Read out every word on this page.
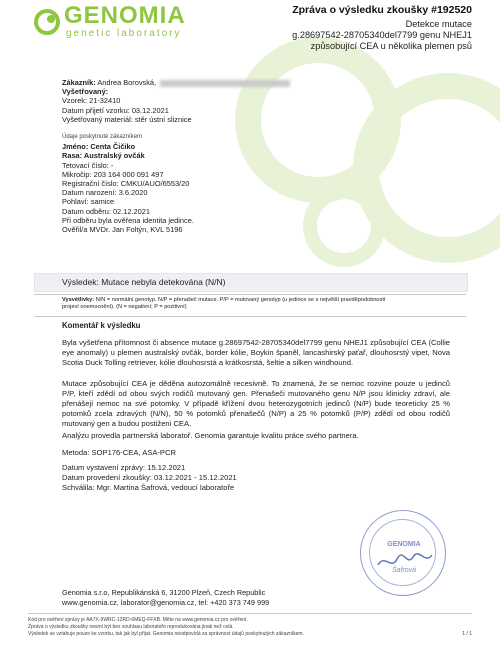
GENOMIA
genetic laboratory
Zpráva o výsledku zkoušky #192520
Detekce mutace
g.28697542-28705340del7799 genu NHEJ1
způsobující CEA u několika plemen psů
Zákazník: Andrea Borovská,
Vyšetřovaný:
Vzorek: 21-32410
Datum přijetí vzorku: 03.12.2021
Vyšetřovaný materiál: stěr ústní sliznice
Údaje poskytnuté zákazníkem
Jméno: Centa Čičiko
Rasa: Australský ovčák
Tetovací číslo: -
Mikročip: 203 164 000 091 497
Registrační číslo: CMKU/AUO/6553/20
Datum narození: 3.6.2020
Pohlaví: samice
Datum odběru: 02.12.2021
Při odběru byla ověřena identita jedince.
Ověřil/a MVDr. Jan Foltýn, KVL 5196
Výsledek: Mutace nebyla detekována (N/N)
Vysvětlivky: N/N = normální genotyp. N/P = přenašeč mutace. P/P = mutovaný genotyp (u jedince se s největší pravděpodobností
projeví onemocnění). (N = negativní; P = pozitivní)
Komentář k výsledku
Byla vyšetřena přítomnost či absence mutace g.28697542-28705340del7799 genu NHEJ1 způsobující CEA (Collie eye anomaly) u plemen australský ovčák, border kólie, Boykin španěl, lancashirský paťař, dlouhosrstý vipet, Nova Scotia Duck Tolling retriever, kólie dlouhosrstá a krátkosrstá, šeltie a silken windhound.
Mutace způsobující CEA je děděna autozomálně recesivně. To znamená, že se nemoc rozvine pouze u jedinců P/P, kteří zdědí od obou svých rodičů mutovaný gen. Přenašeči mutovaného genu N/P jsou klinicky zdraví, ale přenášejí nemoc na své potomky. V případě křížení dvou heterozygotních jedinců (N/P) bude teoreticky 25 % potomků zcela zdravých (N/N), 50 % potomků přenašečů (N/P) a 25 % potomků (P/P) zdědí od obou rodičů mutovaný gen a budou postiženi CEA.
Analýzu provedla partnerská laboratoř. Genomia garantuje kvalitu práce svého partnera.
Metoda: SOP176-CEA, ASA-PCR
Datum vystavení zprávy: 15.12.2021
Datum provedení zkoušky: 03.12.2021 - 15.12.2021
Schválila: Mgr. Martina Šafrová, vedoucí laboratoře
GENOMIA
Šafrová
Genomia s.r.o, Republikánská 6, 31200 Plzeň, Czech Republic
www.genomia.cz, laborator@genomia.cz, tel: +420 373 749 999
Kód pro ověření zprávy je AA7X-9WRC-12RD-6MEQ-FFXB. Měte na www.genomia.cz pro ověření.
Zpráva o výsledku zkoušky nesmí být bez souhlasu laboratoře reprodukována jinak než celá.
Výsledek se vztahuje pouze ke vzorku, tak jak byl přijat. Genomia neodpovídá za správnost údajů poskytnutých zákazníkem.	1 / 1
